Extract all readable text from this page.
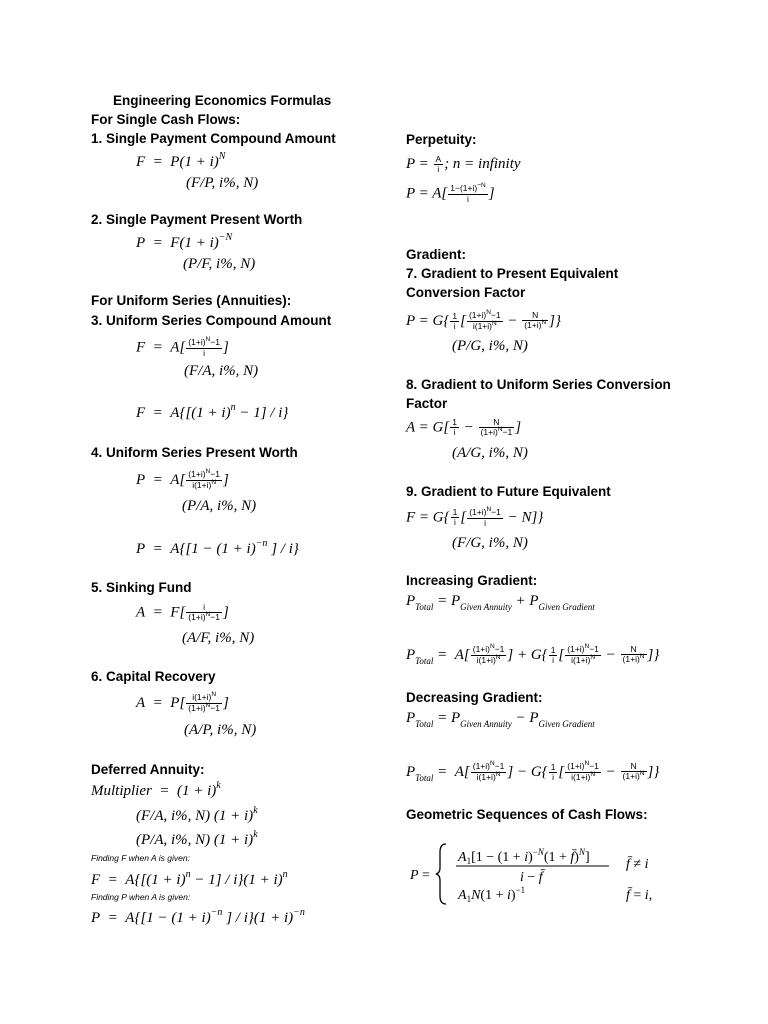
Engineering Economics Formulas
For Single Cash Flows:
1. Single Payment Compound Amount
$F = P(1 + i)^N$
(F/P, i%, N)
2. Single Payment Present Worth
$P = F(1 + i)^{-N}$
(P/F, i%, N)
For Uniform Series (Annuities):
3. Uniform Series Compound Amount
$F = A[ \frac{(1+i)^N-1}{i}$ ]
(F/A, i%, N)
$F = A\{[(1 + i)^n - 1] / i\}$
4. Uniform Series Present Worth
$P = A[ \frac{(1+i)^N-1}{i(1+i)^N}$ ]
(P/A, i%, N)
$P = A\{[1 - (1 + i)^{-n}$ ] / i}
5. Sinking Fund
$A = F[ \frac{i}{(1+i)^N-1}$ ]
(A/F, i%, N)
6. Capital Recovery
$A = P[ \frac{i(1+i)^N}{(1+i)^N-1}$ ]
(A/P, i%, N)
Deferred Annuity:
Multiplier  =  $(1 + i)^k$
(F/A, i%, N) $(1 + i)^k$
(P/A, i%, N) $(1 + i)^k$
Finding F when A is given:
$F = A\{[(1 + i)^n - 1] / i\}(1 + i)^n$
Finding P when A is given:
$P = A\{[1 - (1 + i)^{-n}$ ] / $i\}(1 + i)^{-n}$
Perpetuity:
$P = \frac{A}{i}$ ; n = infinity
$P = A[ \frac{1-(1+i)^{-N}}{i}$ ]
Gradient:
7. Gradient to Present Equivalent
Conversion Factor
$P = G\{ \frac{1}{i}$ [ $\frac{(1+i)^N-1}{i(1+i)^N} - \frac{N}{(1+i)^N}$ ]}
(P/G, i%, N)
8. Gradient to Uniform Series Conversion
Factor
$A = G[ \frac{1}{i} - \frac{N}{(1+i)^N-1}$ ]
(A/G, i%, N)
9. Gradient to Future Equivalent
$F = G\{ \frac{1}{i}$ [ $\frac{(1+i)^N-1}{i} - N$]}
(F/G, i%, N)
Increasing Gradient:
$P_{Total} = P_{Given Annuity} + P_{Given Gradient}$
$P_{Total} = A[ \frac{(1+i)^N-1}{i(1+i)^N}$ ] + $G\{ \frac{1}{i}$ [ $\frac{(1+i)^N-1}{i(1+i)^N} - \frac{N}{(1+i)^N}$ ]}
Decreasing Gradient:
$P_{Total} = P_{Given Annuity} - P_{Given Gradient}$
$P_{Total} = A[ \frac{(1+i)^N-1}{i(1+i)^N}$ ] − $G\{ \frac{1}{i}$ [ $\frac{(1+i)^N-1}{i(1+i)^N} - \frac{N}{(1+i)^N}$ ]}
Geometric Sequences of Cash Flows:
P =
$A_1[1 - (1 + i)^-N(1$ + f̄)$^N$]
i − f̄
f̄ ≠ i
$A_1N(1 + i)^{-1}$	f̄ = i,
